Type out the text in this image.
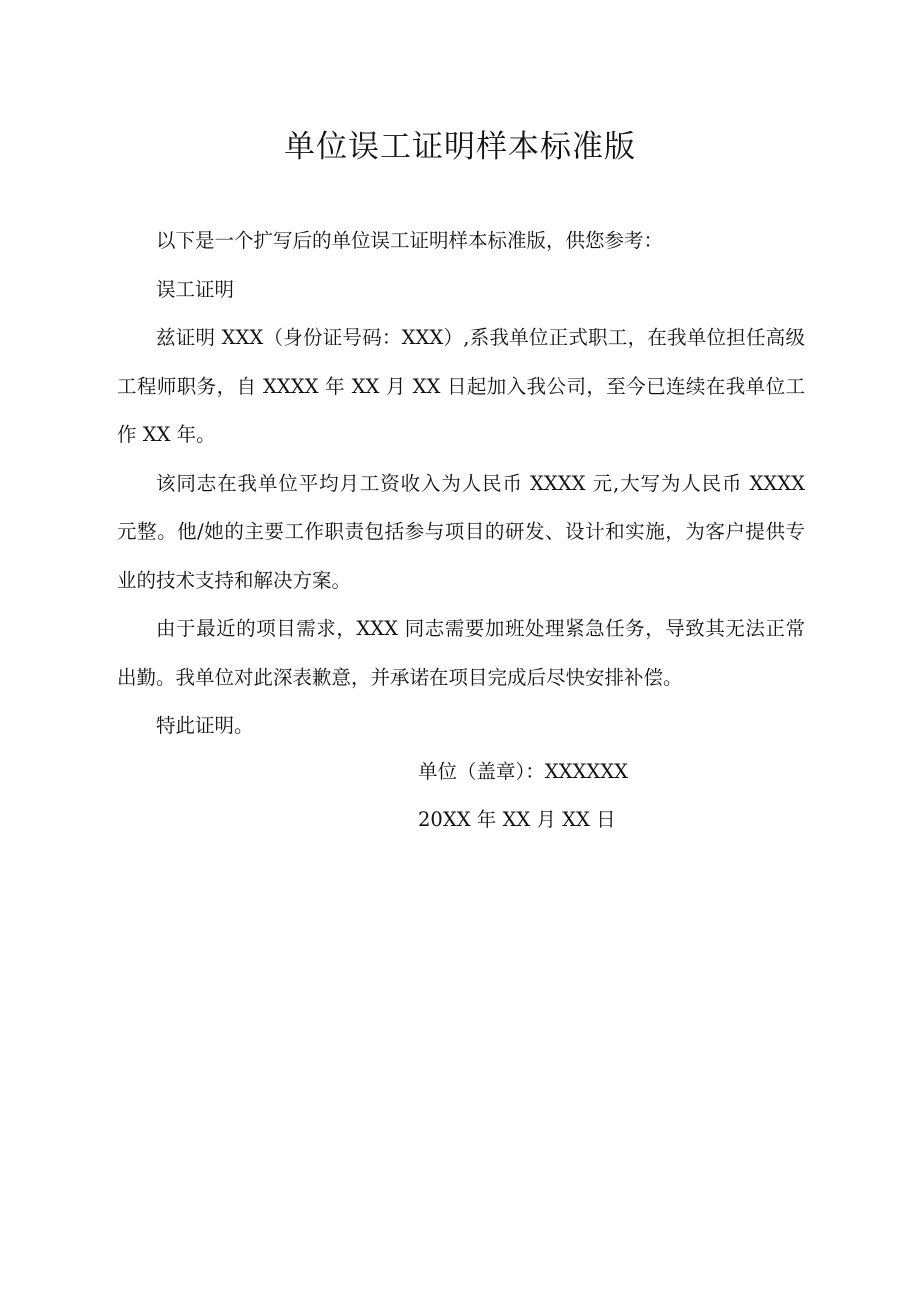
单位误工证明样本标准版

以下是一个扩写后的单位误工证明样本标准版，供您参考：

误工证明

兹证明 XXX（身份证号码：XXX）,系我单位正式职工，在我单位担任高级工程师职务，自 XXXX 年 XX 月 XX 日起加入我公司，至今已连续在我单位工作 XX 年。

该同志在我单位平均月工资收入为人民币 XXXX 元,大写为人民币 XXXX 元整。他/她的主要工作职责包括参与项目的研发、设计和实施，为客户提供专业的技术支持和解决方案。

由于最近的项目需求，XXX 同志需要加班处理紧急任务，导致其无法正常出勤。我单位对此深表歉意，并承诺在项目完成后尽快安排补偿。

特此证明。

单位（盖章）：XXXXXX
20XX 年 XX 月 XX 日
